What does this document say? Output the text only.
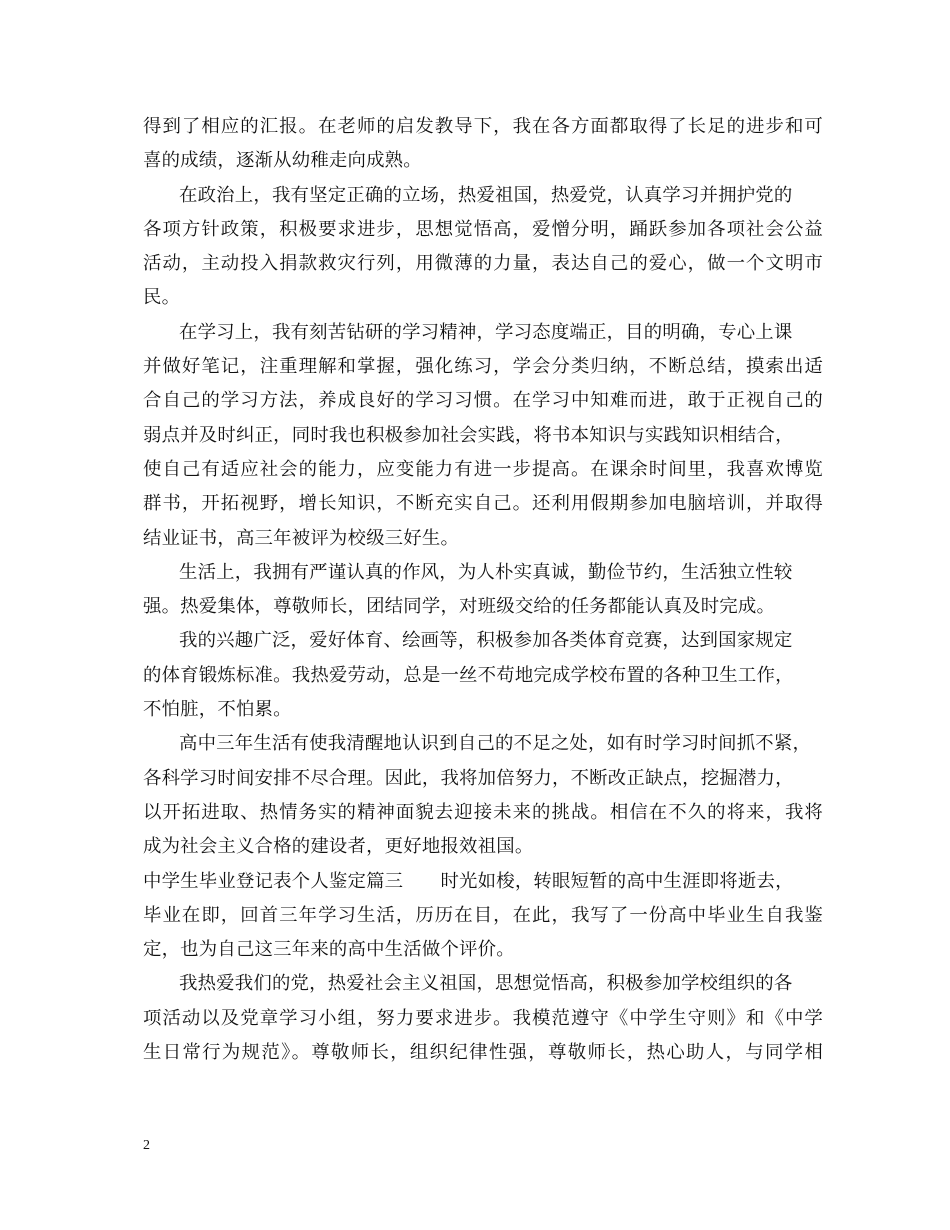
得到了相应的汇报。在老师的启发教导下，我在各方面都取得了长足的进步和可
喜的成绩，逐渐从幼稚走向成熟。
在政治上，我有坚定正确的立场，热爱祖国，热爱党，认真学习并拥护党的
各项方针政策，积极要求进步，思想觉悟高，爱憎分明，踊跃参加各项社会公益
活动，主动投入捐款救灾行列，用微薄的力量，表达自己的爱心，做一个文明市
民。
在学习上，我有刻苦钻研的学习精神，学习态度端正，目的明确，专心上课
并做好笔记，注重理解和掌握，强化练习，学会分类归纳，不断总结，摸索出适
合自己的学习方法，养成良好的学习习惯。在学习中知难而进，敢于正视自己的
弱点并及时纠正，同时我也积极参加社会实践，将书本知识与实践知识相结合，
使自己有适应社会的能力，应变能力有进一步提高。在课余时间里，我喜欢博览
群书，开拓视野，增长知识，不断充实自己。还利用假期参加电脑培训，并取得
结业证书，高三年被评为校级三好生。
生活上，我拥有严谨认真的作风，为人朴实真诚，勤俭节约，生活独立性较
强。热爱集体，尊敬师长，团结同学，对班级交给的任务都能认真及时完成。
我的兴趣广泛，爱好体育、绘画等，积极参加各类体育竞赛，达到国家规定
的体育锻炼标准。我热爱劳动，总是一丝不苟地完成学校布置的各种卫生工作，
不怕脏，不怕累。
高中三年生活有使我清醒地认识到自己的不足之处，如有时学习时间抓不紧，
各科学习时间安排不尽合理。因此，我将加倍努力，不断改正缺点，挖掘潜力，
以开拓进取、热情务实的精神面貌去迎接未来的挑战。相信在不久的将来，我将
成为社会主义合格的建设者，更好地报效祖国。
中学生毕业登记表个人鉴定篇三　　时光如梭，转眼短暂的高中生涯即将逝去，
毕业在即，回首三年学习生活，历历在目，在此，我写了一份高中毕业生自我鉴
定，也为自己这三年来的高中生活做个评价。
我热爱我们的党，热爱社会主义祖国，思想觉悟高，积极参加学校组织的各
项活动以及党章学习小组，努力要求进步。我模范遵守《中学生守则》和《中学
生日常行为规范》。尊敬师长，组织纪律性强，尊敬师长，热心助人，与同学相
2
